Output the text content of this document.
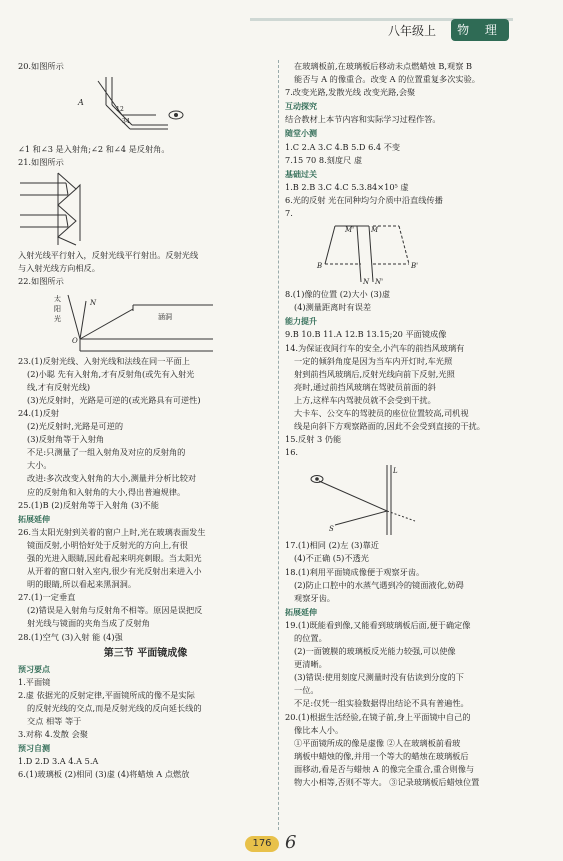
八年级上	物 理
20.如图所示
A
1 2
3 4
∠1 和∠3 是入射角;∠2 和∠4 是反射角。
21.如图所示
入射光线平行射入，反射光线平行射出。反射光线
与入射光线方向相反。
22.如图所示
太
阳
光
N
O
涵洞
23.(1)反射光线、入射光线和法线在同一平面上
(2)小聪 先有入射角,才有反射角(或先有入射光
线,才有反射光线)
(3)光反射时，光路是可逆的(或光路具有可逆性)
24.(1)反射
(2)光反射时,光路是可逆的
(3)反射角等于入射角
不足:只测量了一组入射角及对应的反射角的
大小。
改进:多次改变入射角的大小,测量并分析比较对
应的反射角和入射角的大小,得出普遍规律。
25.(1)B (2)反射角等于入射角 (3)不能
拓展延伸
26.当太阳光射到关着的窗户上时,光在玻璃表面发生
镜面反射,小明恰好处于反射光的方向上,有很
强的光进入眼睛,因此看起来明亮刺眼。当太阳光
从开着的窗口射入室内,很少有光反射出来进入小
明的眼睛,所以看起来黑洞洞。
27.(1)一定垂直
(2)错误是入射角与反射角不相等。原因是误把反
射光线与镜面的夹角当成了反射角
28.(1)空气 (3)入射 能 (4)强
第三节 平面镜成像
预习要点
1.平面镜
2.虚 依据光的反射定律,平面镜所成的像不是实际
的反射光线的交点,而是反射光线的反向延长线的
交点 相等 等于
3.对称 4.发散 会聚
预习自测
1.D 2.D 3.A 4.A 5.A
6.(1)玻璃板 (2)相同 (3)虚 (4)将蜡烛 A 点燃放
在玻璃板前,在玻璃板后移动未点燃蜡烛 B,观察 B
能否与 A 的像重合。改变 A 的位置重复多次实验。
7.改变光路,发散光线 改变光路,会聚
互动探究
结合教材上本节内容和实际学习过程作答。
随堂小测
1.C 2.A 3.C 4.B 5.D 6.4 不变
7.15 70 8.刻度尺 虚
基础过关
1.B 2.B 3.C 4.C 5.3.84×10⁵ 虚
6.光的反射 光在同种均匀介质中沿直线传播
7.
M
M'
N N'
B	B'
8.(1)像的位置 (2)大小 (3)虚
(4)测量距离时有误差
能力提升
9.B 10.B 11.A 12.B 13.15;20 平面镜成像
14.为保证夜间行车的安全,小汽车的前挡风玻璃有
一定的倾斜角度是因为当车内开灯时,车光照
射到前挡风玻璃后,反射光线向前下反射,光照
亮时,通过前挡风玻璃在驾驶员前面的斜
上方,这样车内驾驶员就不会受到干扰。
大卡车、公交车的驾驶员的座位位置较高,司机视
线是向斜下方观察路面的,因此不会受到直接的干扰。
15.反射 3 仍能
16.
L
S
17.(1)相同 (2)左 (3)靠近
(4)不正确 (5)不透光
18.(1)利用平面镜成像便于观察牙齿。
(2)防止口腔中的水蒸气遇到冷的镜面液化,妨碍
观察牙齿。
拓展延伸
19.(1)既能看到像,又能看到玻璃板后面,便于确定像
的位置。
(2)一面镀膜的玻璃板反光能力较强,可以使像
更清晰。
(3)错误:使用刻度尺测量时没有估读到分度的下
一位。
不足:仅凭一组实验数据得出结论不具有普遍性。
20.(1)根据生活经验,在镜子前,身上平面镜中自己的
像比本人小。
①平面镜所成的像是虚像 ②人在玻璃板前看玻
璃板中蜡烛的像,并用一个等大的蜡烛在玻璃板后
面移动,看是否与蜡烛 A 的像完全重合,重合则像与
物大小相等,否则不等大。 ③记录玻璃板后蜡烛位置
176 6
